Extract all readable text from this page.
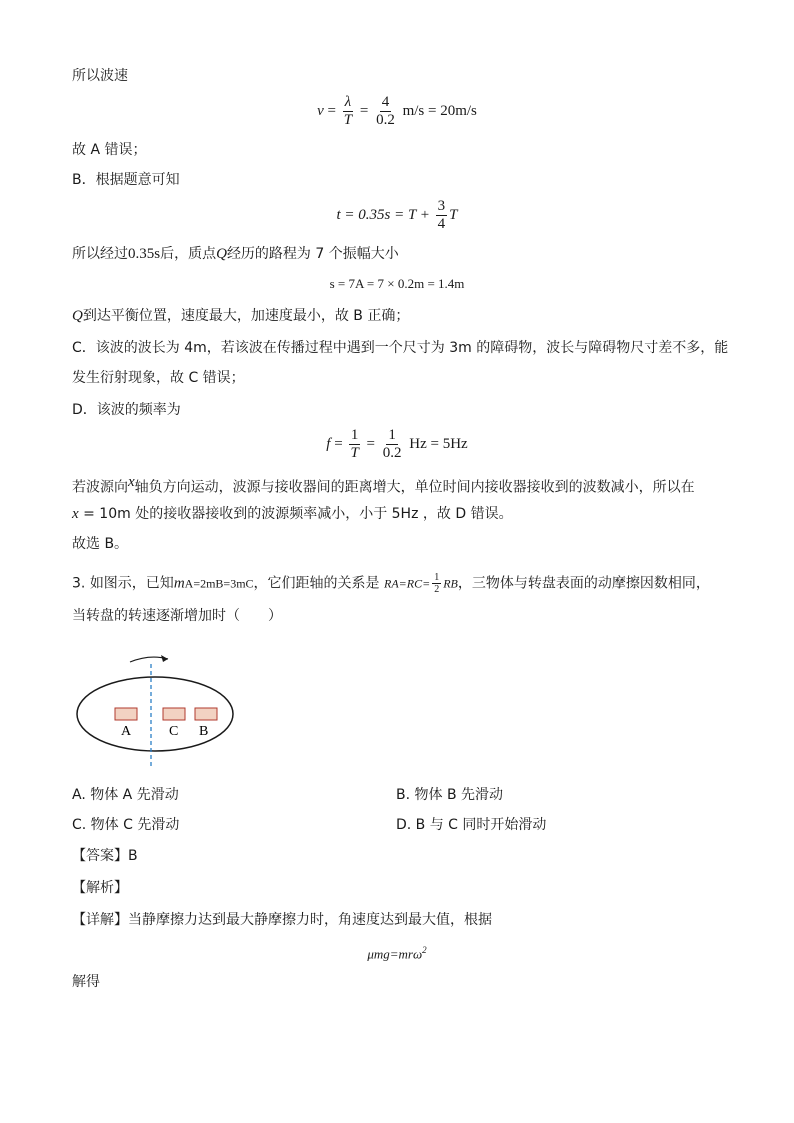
所以波速
$v = \frac{\lambda}{T} = \frac{4}{0.2} m/s = 20m/s$
故 A 错误；
B．根据题意可知
$t = 0.35s = T + \frac{3}{4}$ T
所以经过0.35s后，质点Q经历的路程为 7 个振幅大小
s = 7A = 7 × 0.2m = 1.4m
Q到达平衡位置，速度最大，加速度最小，故 B 正确；
C．该波的波长为 4m，若该波在传播过程中遇到一个尺寸为 3m 的障碍物，波长与障碍物尺寸差不多，能
发生衍射现象，故 C 错误；
D．该波的频率为
$f = \frac{1}{T} = \frac{1}{0.2}$ Hz = 5Hz
若波源向$^x$轴负方向运动，波源与接收器间的距离增大，单位时间内接收器接收到的波数减小，所以在
x = 10m 处的接收器接收到的波源频率减小，小于 5Hz ，故 D 错误。
故选 B。
3. 如图示，已知mA=2mB=3mC，它们距轴的关系是 $RA=RC= \frac{1}{2}$ RB，三物体与转盘表面的动摩擦因数相同，
当转盘的转速逐渐增加时（　　）
A	C B
A. 物体 A 先滑动	B. 物体 B 先滑动
C. 物体 C 先滑动	D. B 与 C 同时开始滑动
【答案】B
【解析】
【详解】当静摩擦力达到最大静摩擦力时，角速度达到最大值，根据
μmg=mrω$^2$
解得
